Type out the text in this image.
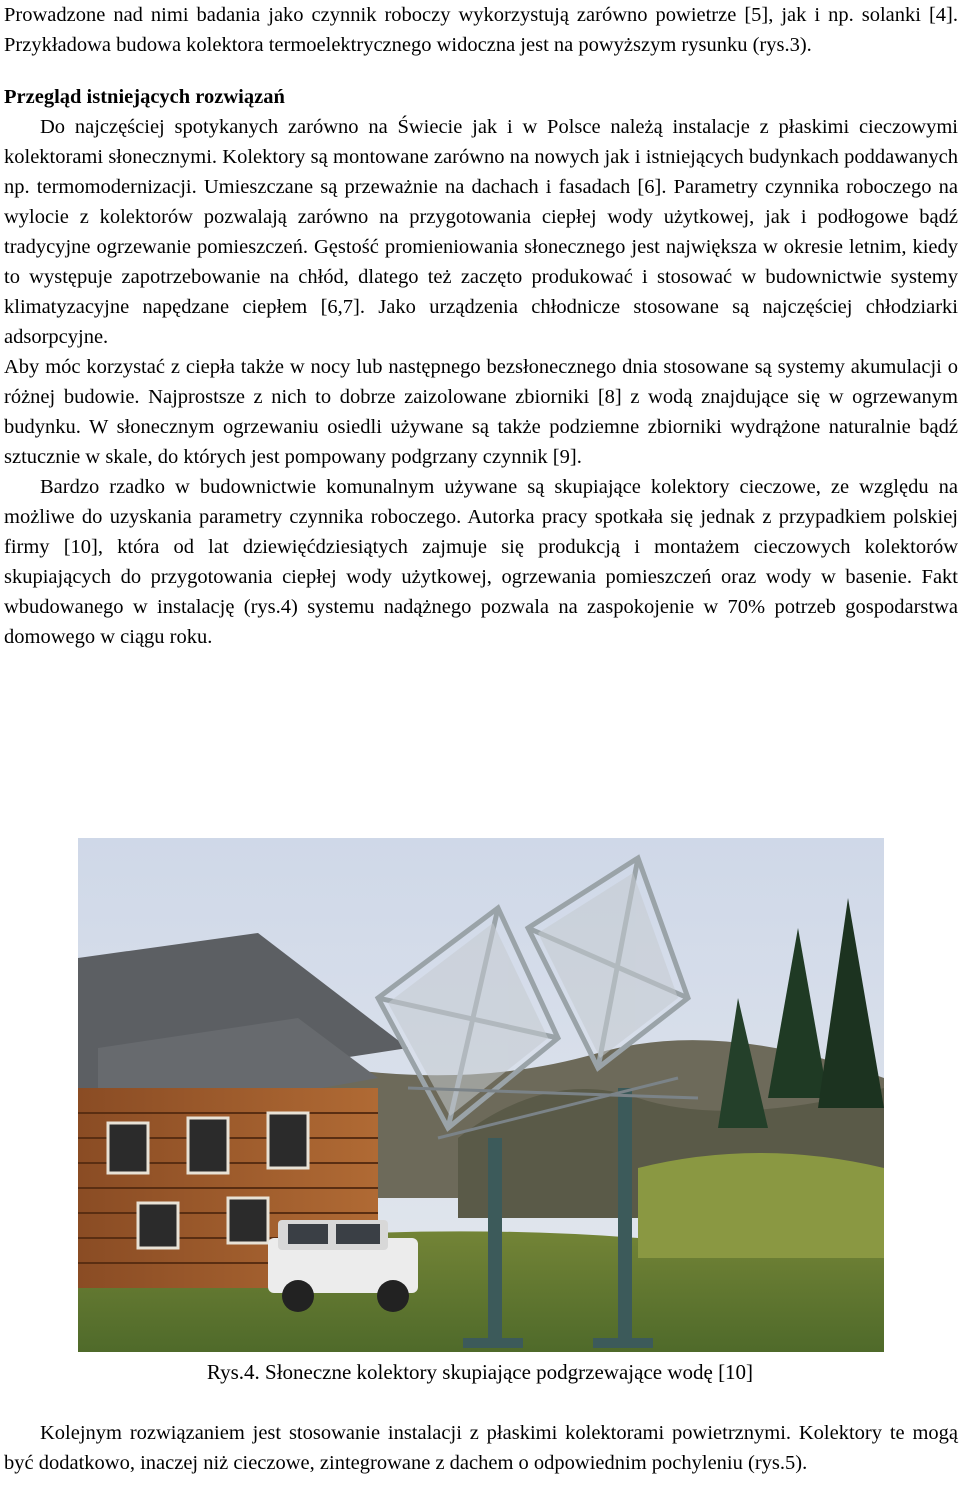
Prowadzone nad nimi badania jako czynnik roboczy wykorzystują zarówno powietrze [5], jak i np. solanki [4]. Przykładowa budowa kolektora termoelektrycznego widoczna jest na powyższym rysunku (rys.3).

Przegląd istniejących rozwiązań

Do najczęściej spotykanych zarówno na Świecie jak i w Polsce należą instalacje z płaskimi cieczowymi kolektorami słonecznymi. Kolektory są montowane zarówno na nowych jak i istniejących budynkach poddawanych np. termomodernizacji. Umieszczane są przeważnie na dachach i fasadach [6]. Parametry czynnika roboczego na wylocie z kolektorów pozwalają zarówno na przygotowania ciepłej wody użytkowej, jak i podłogowe bądź tradycyjne ogrzewanie pomieszczeń. Gęstość promieniowania słonecznego jest największa w okresie letnim, kiedy to występuje zapotrzebowanie na chłód, dlatego też zaczęto produkować i stosować w budownictwie systemy klimatyzacyjne napędzane ciepłem [6,7]. Jako urządzenia chłodnicze stosowane są najczęściej chłodziarki adsorpcyjne.

Aby móc korzystać z ciepła także w nocy lub następnego bezsłonecznego dnia stosowane są systemy akumulacji o różnej budowie. Najprostsze z nich to dobrze zaizolowane zbiorniki [8] z wodą znajdujące się w ogrzewanym budynku. W słonecznym ogrzewaniu osiedli używane są także podziemne zbiorniki wydrążone naturalnie bądź sztucznie w skale, do których jest pompowany podgrzany czynnik [9].

Bardzo rzadko w budownictwie komunalnym używane są skupiające kolektory cieczowe, ze względu na możliwe do uzyskania parametry czynnika roboczego. Autorka pracy spotkała się jednak z przypadkiem polskiej firmy [10], która od lat dziewięćdziesiątych zajmuje się produkcją i montażem cieczowych kolektorów skupiających do przygotowania ciepłej wody użytkowej, ogrzewania pomieszczeń oraz wody w basenie. Fakt wbudowanego w instalację (rys.4) systemu nadążnego pozwala na zaspokojenie w 70% potrzeb gospodarstwa domowego w ciągu roku.

Rys.4. Słoneczne kolektory skupiające podgrzewające wodę [10]

Kolejnym rozwiązaniem jest stosowanie instalacji z płaskimi kolektorami powietrznymi. Kolektory te mogą być dodatkowo, inaczej niż cieczowe, zintegrowane z dachem o odpowiednim pochyleniu (rys.5).
